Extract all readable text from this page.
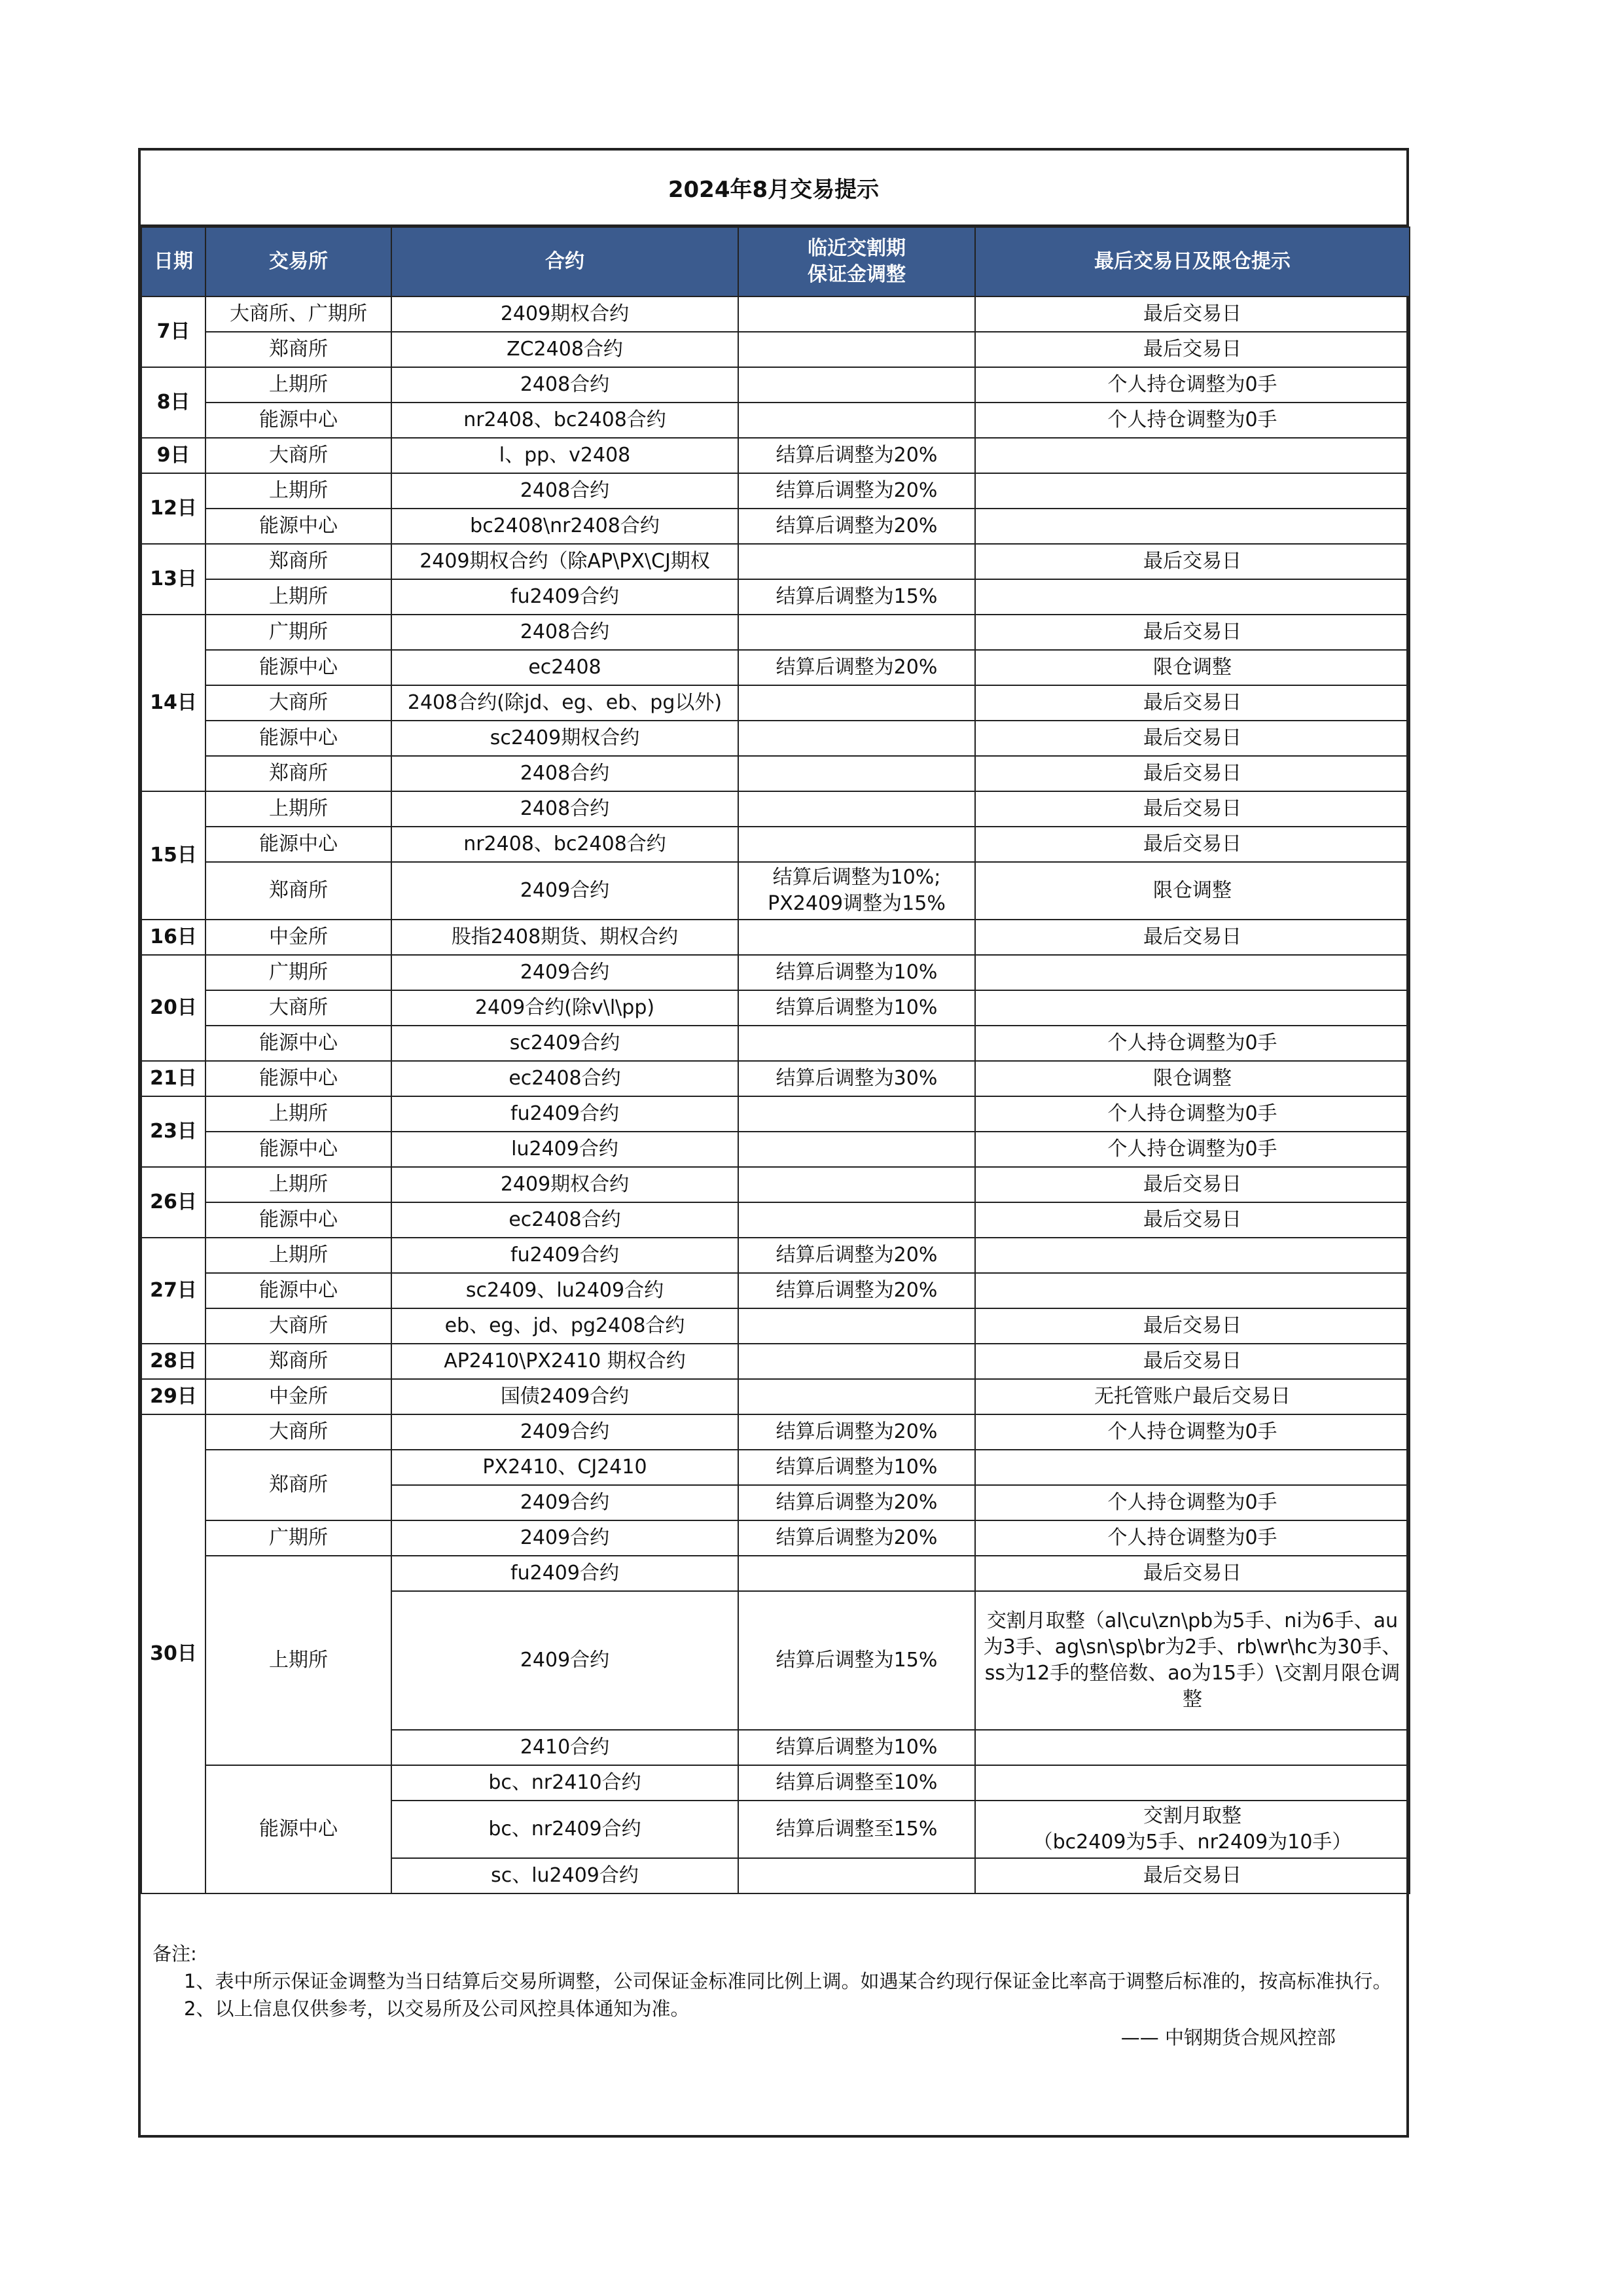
2024年8月交易提示
日期	交易所	合约	临近交割期
保证金调整	最后交易日及限仓提示
7日	大商所、广期所	2409期权合约		最后交易日
	郑商所	ZC2408合约		最后交易日
8日	上期所	2408合约		个人持仓调整为0手
	能源中心	nr2408、bc2408合约		个人持仓调整为0手
9日	大商所	l、pp、v2408	结算后调整为20%	
12日	上期所	2408合约	结算后调整为20%	
	能源中心	bc2408\nr2408合约	结算后调整为20%	
13日	郑商所	2409期权合约（除AP\PX\CJ期权		最后交易日
	上期所	fu2409合约	结算后调整为15%	
14日	广期所	2408合约		最后交易日
	能源中心	ec2408	结算后调整为20%	限仓调整
	大商所	2408合约(除jd、eg、eb、pg以外)		最后交易日
	能源中心	sc2409期权合约		最后交易日
	郑商所	2408合约		最后交易日
15日	上期所	2408合约		最后交易日
	能源中心	nr2408、bc2408合约		最后交易日
	郑商所	2409合约	结算后调整为10%;
PX2409调整为15%	限仓调整
16日	中金所	股指2408期货、期权合约		最后交易日
20日	广期所	2409合约	结算后调整为10%	
	大商所	2409合约(除v\l\pp)	结算后调整为10%	
	能源中心	sc2409合约		个人持仓调整为0手
21日	能源中心	ec2408合约	结算后调整为30%	限仓调整
23日	上期所	fu2409合约		个人持仓调整为0手
	能源中心	lu2409合约		个人持仓调整为0手
26日	上期所	2409期权合约		最后交易日
	能源中心	ec2408合约		最后交易日
27日	上期所	fu2409合约	结算后调整为20%	
	能源中心	sc2409、lu2409合约	结算后调整为20%	
	大商所	eb、eg、jd、pg2408合约		最后交易日
28日	郑商所	AP2410\PX2410 期权合约		最后交易日
29日	中金所	国债2409合约		无托管账户最后交易日
30日	大商所	2409合约	结算后调整为20%	个人持仓调整为0手
	郑商所	PX2410、CJ2410	结算后调整为10%	
		2409合约	结算后调整为20%	个人持仓调整为0手
	广期所	2409合约	结算后调整为20%	个人持仓调整为0手
	上期所	fu2409合约		最后交易日
		2409合约	结算后调整为15%	交割月取整（al\cu\zn\pb为5手、ni为6手、au为3手、ag\sn\sp\br为2手、rb\wr\hc为30手、ss为12手的整倍数、ao为15手）\交割月限仓调整
		2410合约	结算后调整为10%	
	能源中心	bc、nr2410合约	结算后调整至10%	
		bc、nr2409合约	结算后调整至15%	交割月取整
（bc2409为5手、nr2409为10手）
		sc、lu2409合约		最后交易日

备注:

1、表中所示保证金调整为当日结算后交易所调整，公司保证金标准同比例上调。如遇某合约现行保证金比率高于调整后标准的，按高标准执行。

2、以上信息仅供参考，以交易所及公司风控具体通知为准。

—— 中钢期货合规风控部
